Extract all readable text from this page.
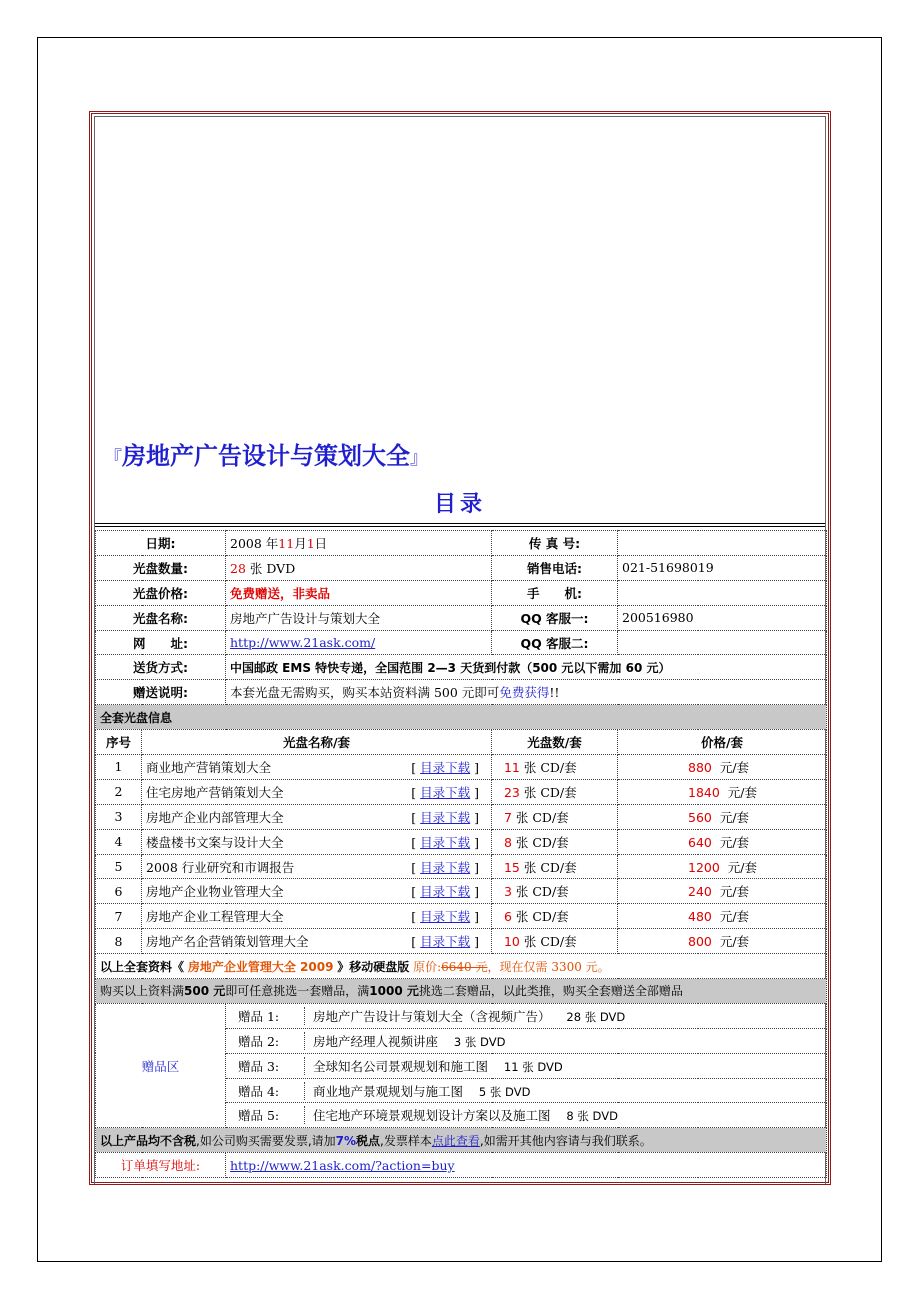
『房地产广告设计与策划大全』
目录
日期:		2008 年11月1日	传 真 号:	
光盘数量:		28 张 DVD	销售电话:	021-51698019
光盘价格:		免费赠送，非卖品	手　　机:	
光盘名称:		房地产广告设计与策划大全	QQ 客服一:	200516980
网　　址:		http://www.21ask.com/	QQ 客服二:	
送货方式:		中国邮政 EMS 特快专递，全国范围 2—3 天货到付款（500 元以下需加 60 元）		
赠送说明:		本套光盘无需购买，购买本站资料满 500 元即可免费获得!!		
全套光盘信息				
序号	光盘名称/套		光盘数/套	价格/套
1	商业地产营销策划大全 [ 目录下载 ]		11 张 CD/套	880 元/套
2	住宅房地产营销策划大全 [ 目录下载 ]		23 张 CD/套	1840 元/套
3	房地产企业内部管理大全 [ 目录下载 ]		7 张 CD/套	560 元/套
4	楼盘楼书文案与设计大全 [ 目录下载 ]		8 张 CD/套	640 元/套
5	2008 行业研究和市调报告 [ 目录下载 ]		15 张 CD/套	1200 元/套
6	房地产企业物业管理大全 [ 目录下载 ]		3 张 CD/套	240 元/套
7	房地产企业工程管理大全 [ 目录下载 ]		6 张 CD/套	480 元/套
8	房地产名企营销策划管理大全 [ 目录下载 ]		10 张 CD/套	800 元/套
以上全套资料《 房地产企业管理大全 2009 》移动硬盘版 原价:6640 元，现在仅需 3300 元。				
购买以上资料满500 元即可任意挑选一套赠品，满1000 元挑选二套赠品，以此类推，购买全套赠送全部赠品				
赠品区		赠品 1: 房地产广告设计与策划大全（含视频广告） 28 张 DVD		
		赠品 2: 房地产经理人视频讲座 3 张 DVD		
		赠品 3: 全球知名公司景观规划和施工图 11 张 DVD		
		赠品 4: 商业地产景观规划与施工图 5 张 DVD		
		赠品 5: 住宅地产环境景观规划设计方案以及施工图 8 张 DVD		
以上产品均不含税,如公司购买需要发票,请加7%税点,发票样本点此查看,如需开其他内容请与我们联系。				
订单填写地址:		http://www.21ask.com/?action=buy		
